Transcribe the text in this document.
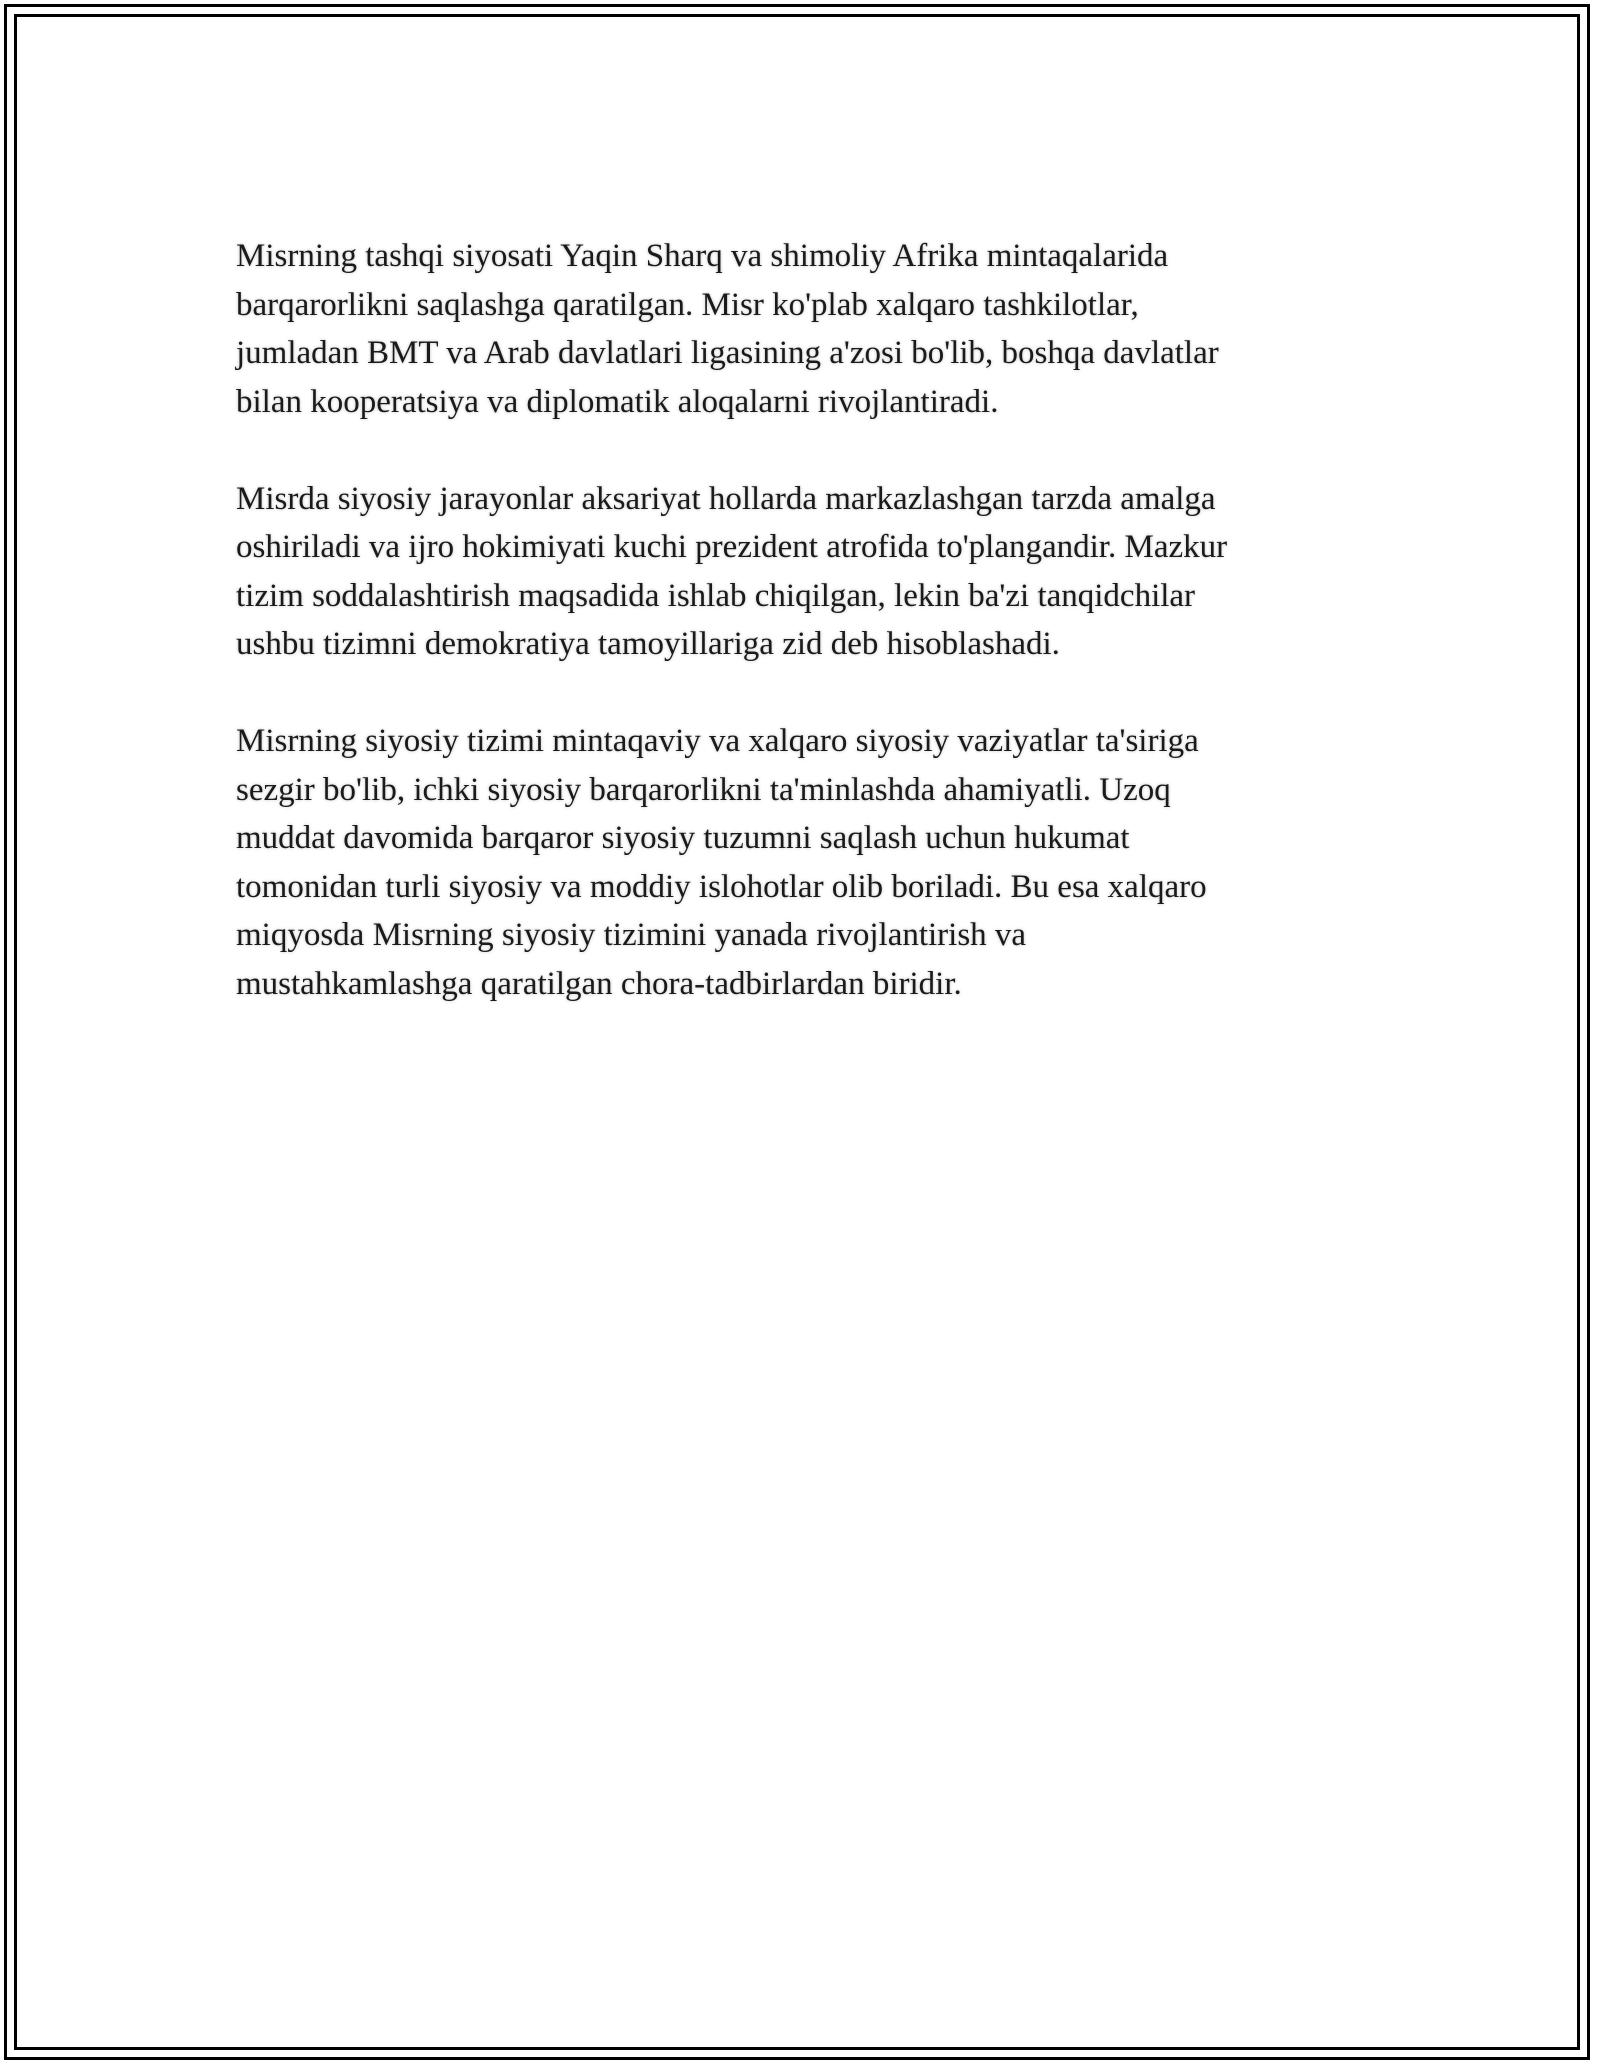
Misrning tashqi siyosati Yaqin Sharq va shimoliy Afrika mintaqalarida
barqarorlikni saqlashga qaratilgan. Misr ko'plab xalqaro tashkilotlar,
jumladan BMT va Arab davlatlari ligasining a'zosi bo'lib, boshqa davlatlar
bilan kooperatsiya va diplomatik aloqalarni rivojlantiradi.

Misrda siyosiy jarayonlar aksariyat hollarda markazlashgan tarzda amalga
oshiriladi va ijro hokimiyati kuchi prezident atrofida to'plangandir. Mazkur
tizim soddalashtirish maqsadida ishlab chiqilgan, lekin ba'zi tanqidchilar
ushbu tizimni demokratiya tamoyillariga zid deb hisoblashadi.

Misrning siyosiy tizimi mintaqaviy va xalqaro siyosiy vaziyatlar ta'siriga
sezgir bo'lib, ichki siyosiy barqarorlikni ta'minlashda ahamiyatli. Uzoq
muddat davomida barqaror siyosiy tuzumni saqlash uchun hukumat
tomonidan turli siyosiy va moddiy islohotlar olib boriladi. Bu esa xalqaro
miqyosda Misrning siyosiy tizimini yanada rivojlantirish va
mustahkamlashga qaratilgan chora-tadbirlardan biridir.
